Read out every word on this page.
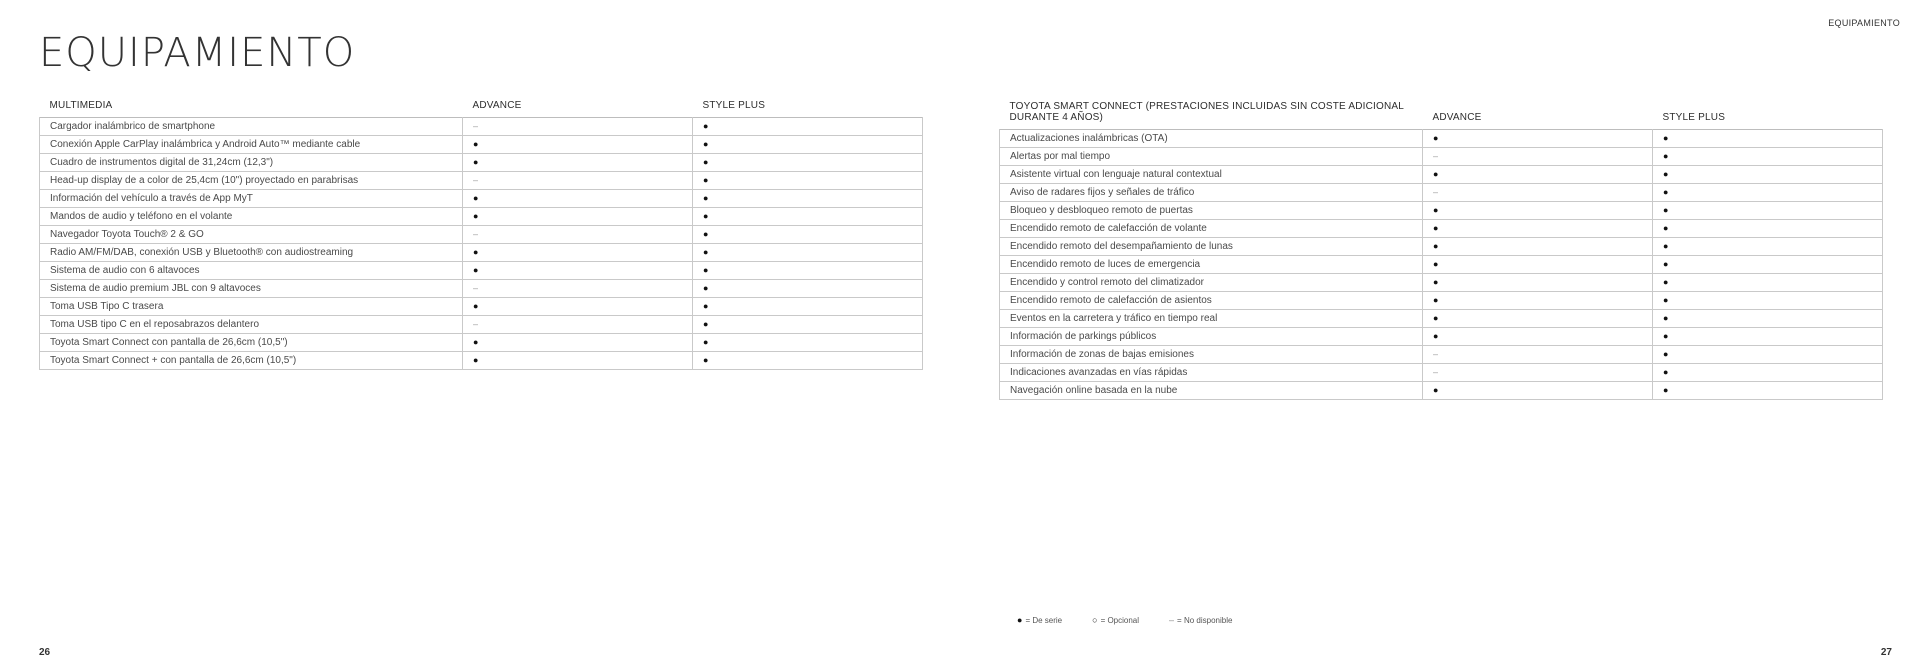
EQUIPAMIENTO
EQUIPAMIENTO
MULTIMEDIA	ADVANCE	STYLE PLUS
Cargador inalámbrico de smartphone	–	●
Conexión Apple CarPlay inalámbrica y Android Auto™ mediante cable	●	●
Cuadro de instrumentos digital de 31,24cm (12,3")	●	●
Head-up display de a color de 25,4cm (10") proyectado en parabrisas	–	●
Información del vehículo a través de App MyT	●	●
Mandos de audio y teléfono en el volante	●	●
Navegador Toyota Touch® 2 & GO	–	●
Radio AM/FM/DAB, conexión USB y Bluetooth® con audiostreaming	●	●
Sistema de audio con 6 altavoces	●	●
Sistema de audio premium JBL con 9 altavoces	–	●
Toma USB Tipo C trasera	●	●
Toma USB tipo C en el reposabrazos delantero	–	●
Toyota Smart Connect con pantalla de 26,6cm (10,5")	●	●
Toyota Smart Connect + con pantalla de 26,6cm (10,5")	●	●
TOYOTA SMART CONNECT (PRESTACIONES INCLUIDAS SIN COSTE ADICIONAL DURANTE 4 AÑOS)	ADVANCE	STYLE PLUS
Actualizaciones inalámbricas (OTA)	●	●
Alertas por mal tiempo	–	●
Asistente virtual con lenguaje natural contextual	●	●
Aviso de radares fijos y señales de tráfico	–	●
Bloqueo y desbloqueo remoto de puertas	●	●
Encendido remoto de calefacción de volante	●	●
Encendido remoto del desempañamiento de lunas	●	●
Encendido remoto de luces de emergencia	●	●
Encendido y control remoto del climatizador	●	●
Encendido remoto de calefacción de asientos	●	●
Eventos en la carretera y tráfico en tiempo real	●	●
Información de parkings públicos	●	●
Información de zonas de bajas emisiones	–	●
Indicaciones avanzadas en vías rápidas	–	●
Navegación online basada en la nube	●	●
● = De serie	○ = Opcional	– = No disponible
26	27
